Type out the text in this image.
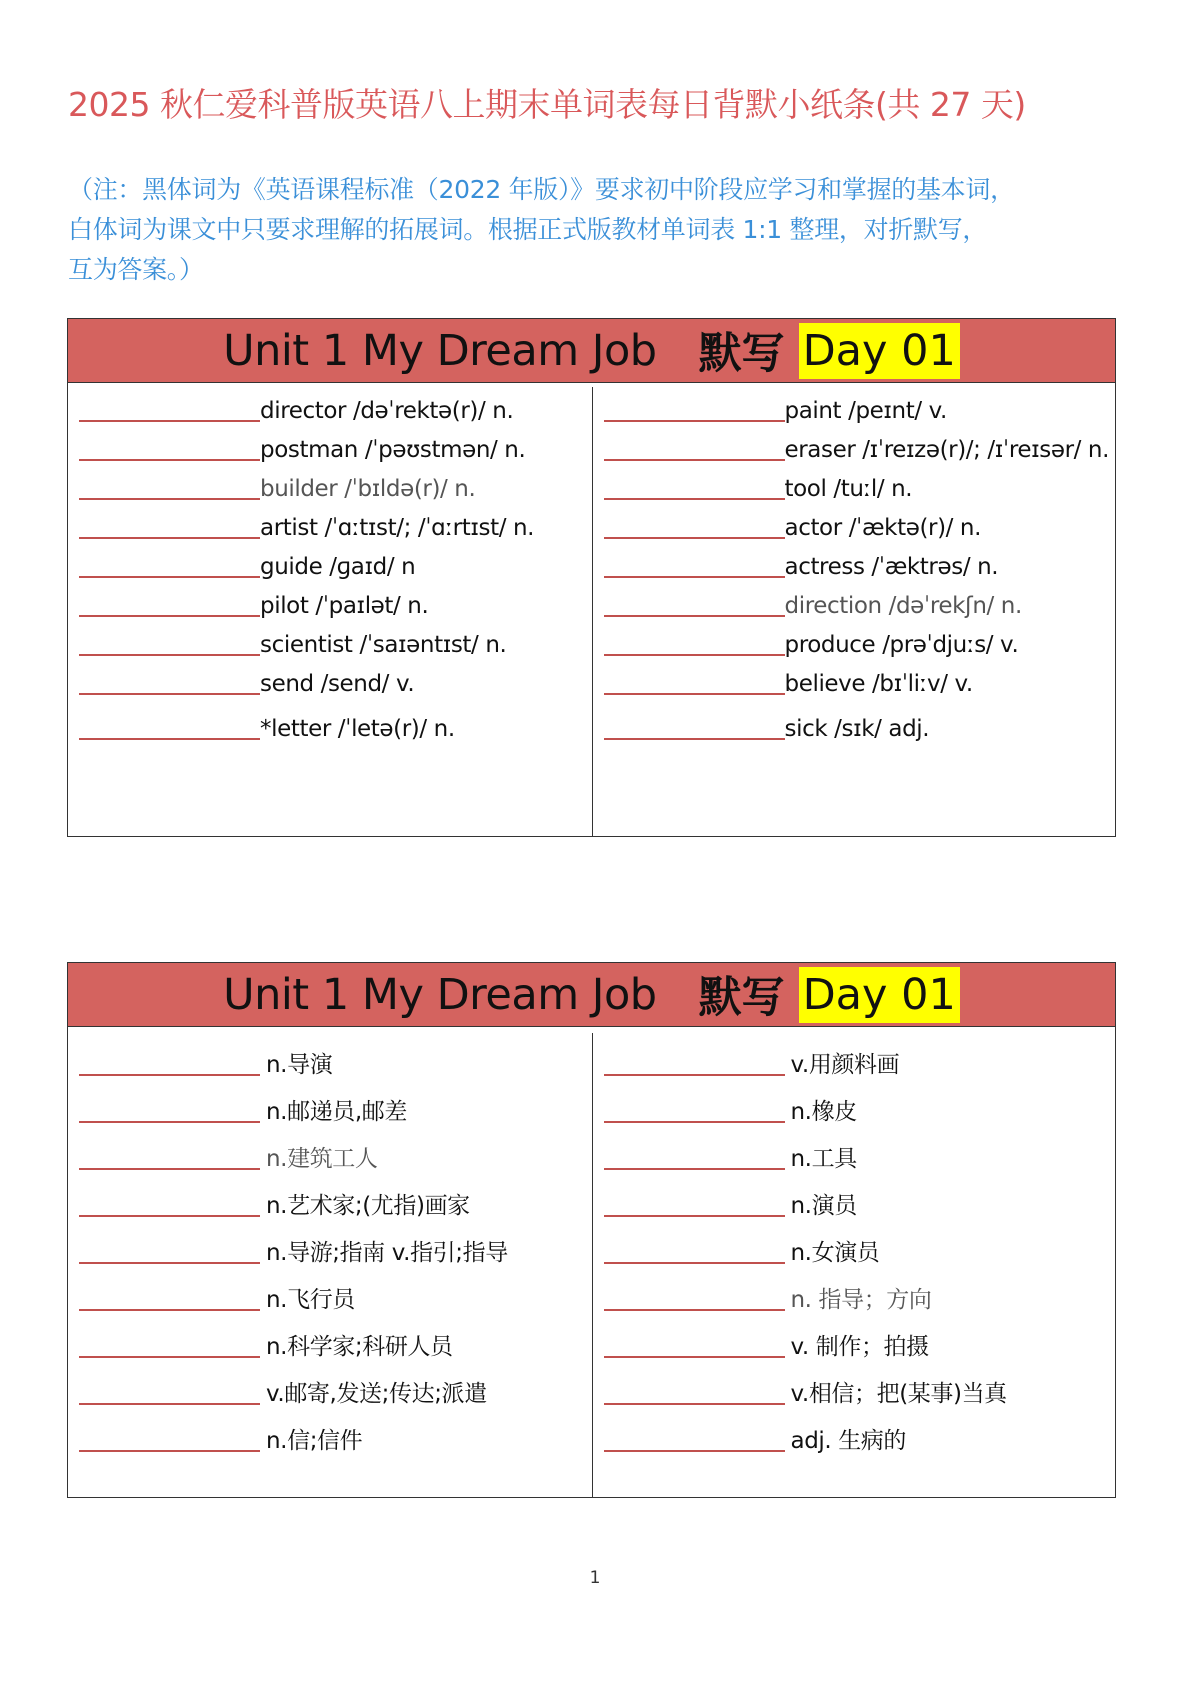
2025 秋仁爱科普版英语八上期末单词表每日背默小纸条(共 27 天)

（注：黑体词为《英语课程标准（2022 年版）》要求初中阶段应学习和掌握的基本词，

白体词为课文中只要求理解的拓展词。根据正式版教材单词表 1:1 整理，对折默写，

互为答案。）

Unit 1 My Dream Job 默写 Day 01
director /dəˈrektə(r)/ n.
postman /ˈpəʊstmən/ n.
builder /ˈbɪldə(r)/ n.
artist /ˈɑːtɪst/; /ˈɑːrtɪst/ n.
guide /ɡaɪd/ n
pilot /ˈpaɪlət/ n.
scientist /ˈsaɪəntɪst/ n.
send /send/ v.
*letter /ˈletə(r)/ n.
paint /peɪnt/ v.
eraser /ɪˈreɪzə(r)/; /ɪˈreɪsər/ n.
tool /tuːl/ n.
actor /ˈæktə(r)/ n.
actress /ˈæktrəs/ n.
direction /dəˈrekʃn/ n.
produce /prəˈdjuːs/ v.
believe /bɪˈliːv/ v.
sick /sɪk/ adj.
Unit 1 My Dream Job 默写 Day 01
n.导演
n.邮递员,邮差
n.建筑工人
n.艺术家;(尤指)画家
n.导游;指南 v.指引;指导
n.飞行员
n.科学家;科研人员
v.邮寄,发送;传达;派遣
n.信;信件
v.用颜料画
n.橡皮
n.工具
n.演员
n.女演员
n. 指导；方向
v. 制作；拍摄
v.相信；把(某事)当真
adj. 生病的
1
